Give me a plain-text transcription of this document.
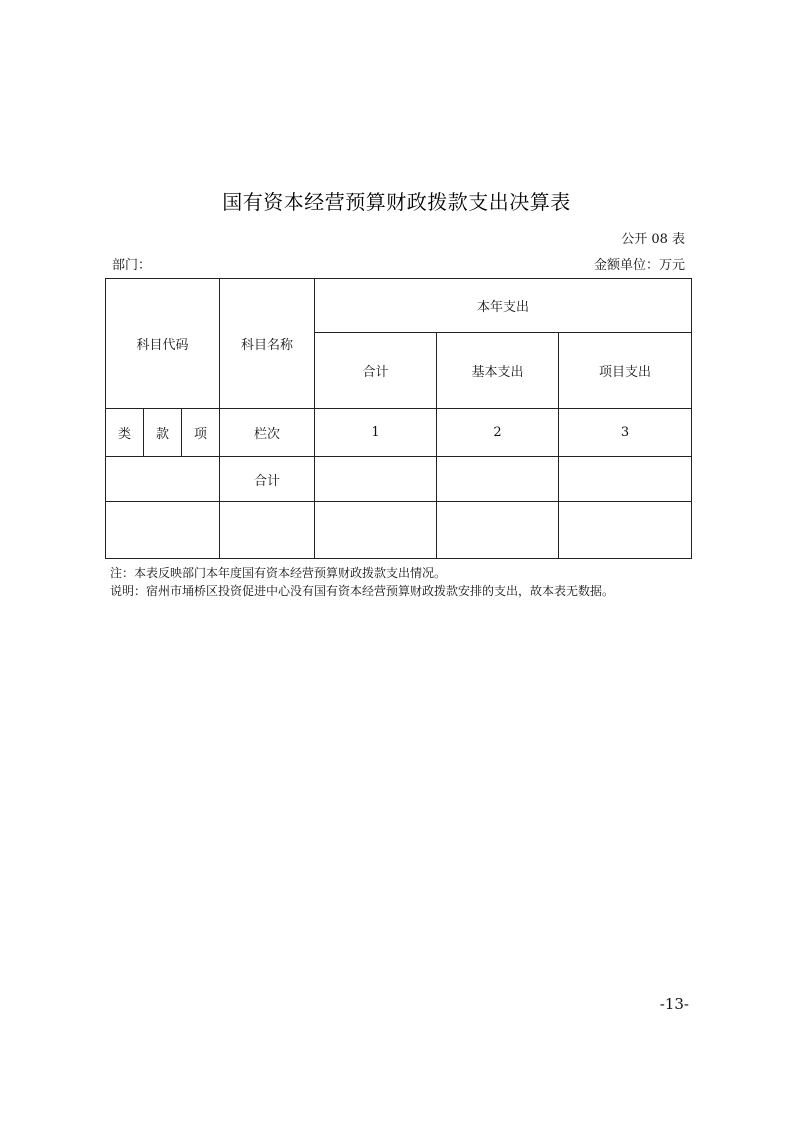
国有资本经营预算财政拨款支出决算表
公开 08 表
部门：	金额单位：万元
科目代码			科目名称	本年支出		
				合计	基本支出	项目支出
类	款	项	栏次	1	2	3
			合计			

注：本表反映部门本年度国有资本经营预算财政拨款支出情况。
说明：宿州市埇桥区投资促进中心没有国有资本经营预算财政拨款安排的支出，故本表无数据。
-13-
